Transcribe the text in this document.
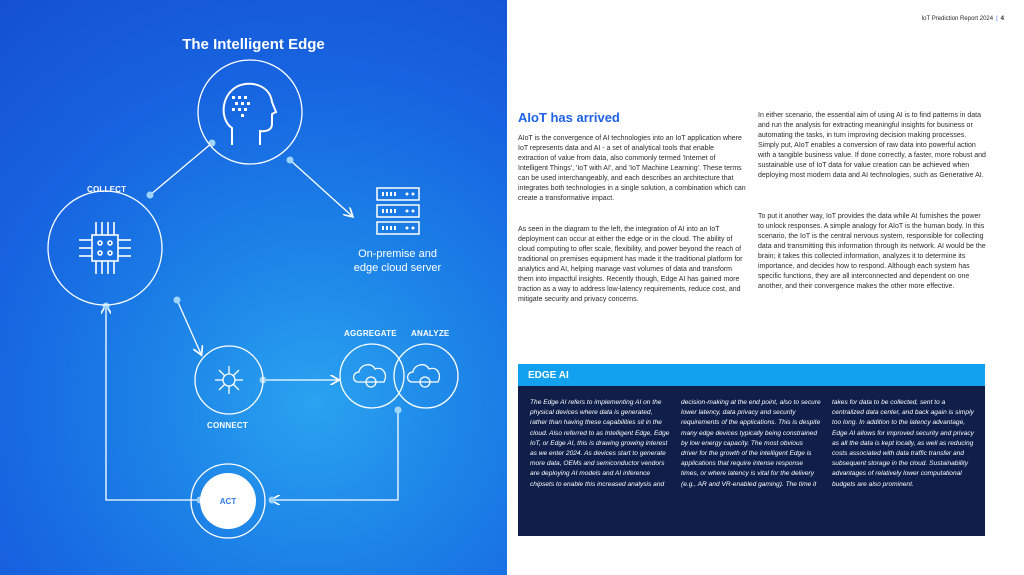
The Intelligent Edge
COLLECT
AGGREGATE ANALYZE
CONNECT
On-premise and
edge cloud server
ACT
IoT Prediction Report 2024 | 4
AIoT has arrived

AIoT is the convergence of AI technologies into an IoT application where IoT represents data and AI - a set of analytical tools that enable extraction of value from data, also commonly termed 'Internet of Intelligent Things', 'IoT with AI', and 'IoT Machine Learning'. These terms can be used interchangeably, and each describes an architecture that integrates both technologies in a single solution, a combination which can create a transformative impact.

As seen in the diagram to the left, the integration of AI into an IoT deployment can occur at either the edge or in the cloud. The ability of cloud computing to offer scale, flexibility, and power beyond the reach of traditional on premises equipment has made it the traditional platform for analytics and AI, helping manage vast volumes of data and transform them into impactful insights. Recently though, Edge AI has gained more traction as a way to address low-latency requirements, reduce cost, and mitigate security and privacy concerns.

In either scenario, the essential aim of using AI is to find patterns in data and run the analysis for extracting meaningful insights for business or automating the tasks, in turn improving decision making processes. Simply put, AIoT enables a conversion of raw data into powerful action with a tangible business value. If done correctly, a faster, more robust and sustainable use of IoT data for value creation can be achieved when deploying most modern data and AI technologies, such as Generative AI.

To put it another way, IoT provides the data while AI furnishes the power to unlock responses. A simple analogy for AIoT is the human body. In this scenario, the IoT is the central nervous system, responsible for collecting data and transmitting this information through its network. AI would be the brain; it takes this collected information, analyzes it to determine its importance, and decides how to respond. Although each system has specific functions, they are all interconnected and dependent on one another, and their convergence makes the other more effective.

EDGE AI

The Edge AI refers to implementing AI on the physical devices where data is generated, rather than having these capabilities sit in the cloud. Also referred to as Intelligent Edge, Edge IoT, or Edge AI, this is drawing growing interest as we enter 2024. As devices start to generate more data, OEMs and semiconductor vendors are deploying AI models and AI inference chipsets to enable this increased analysis and

decision-making at the end point, also to secure lower latency, data privacy and security requirements of the applications. This is despite many edge devices typically being constrained by low energy capacity. The most obvious driver for the growth of the intelligent Edge is applications that require intense response times, or where latency is vital for the delivery (e.g., AR and VR-enabled gaming). The time it

takes for data to be collected, sent to a centralized data center, and back again is simply too long. In addition to the latency advantage, Edge AI allows for improved security and privacy as all the data is kept locally, as well as reducing costs associated with data traffic transfer and subsequent storage in the cloud. Sustainability advantages of relatively lower computational budgets are also prominent.
